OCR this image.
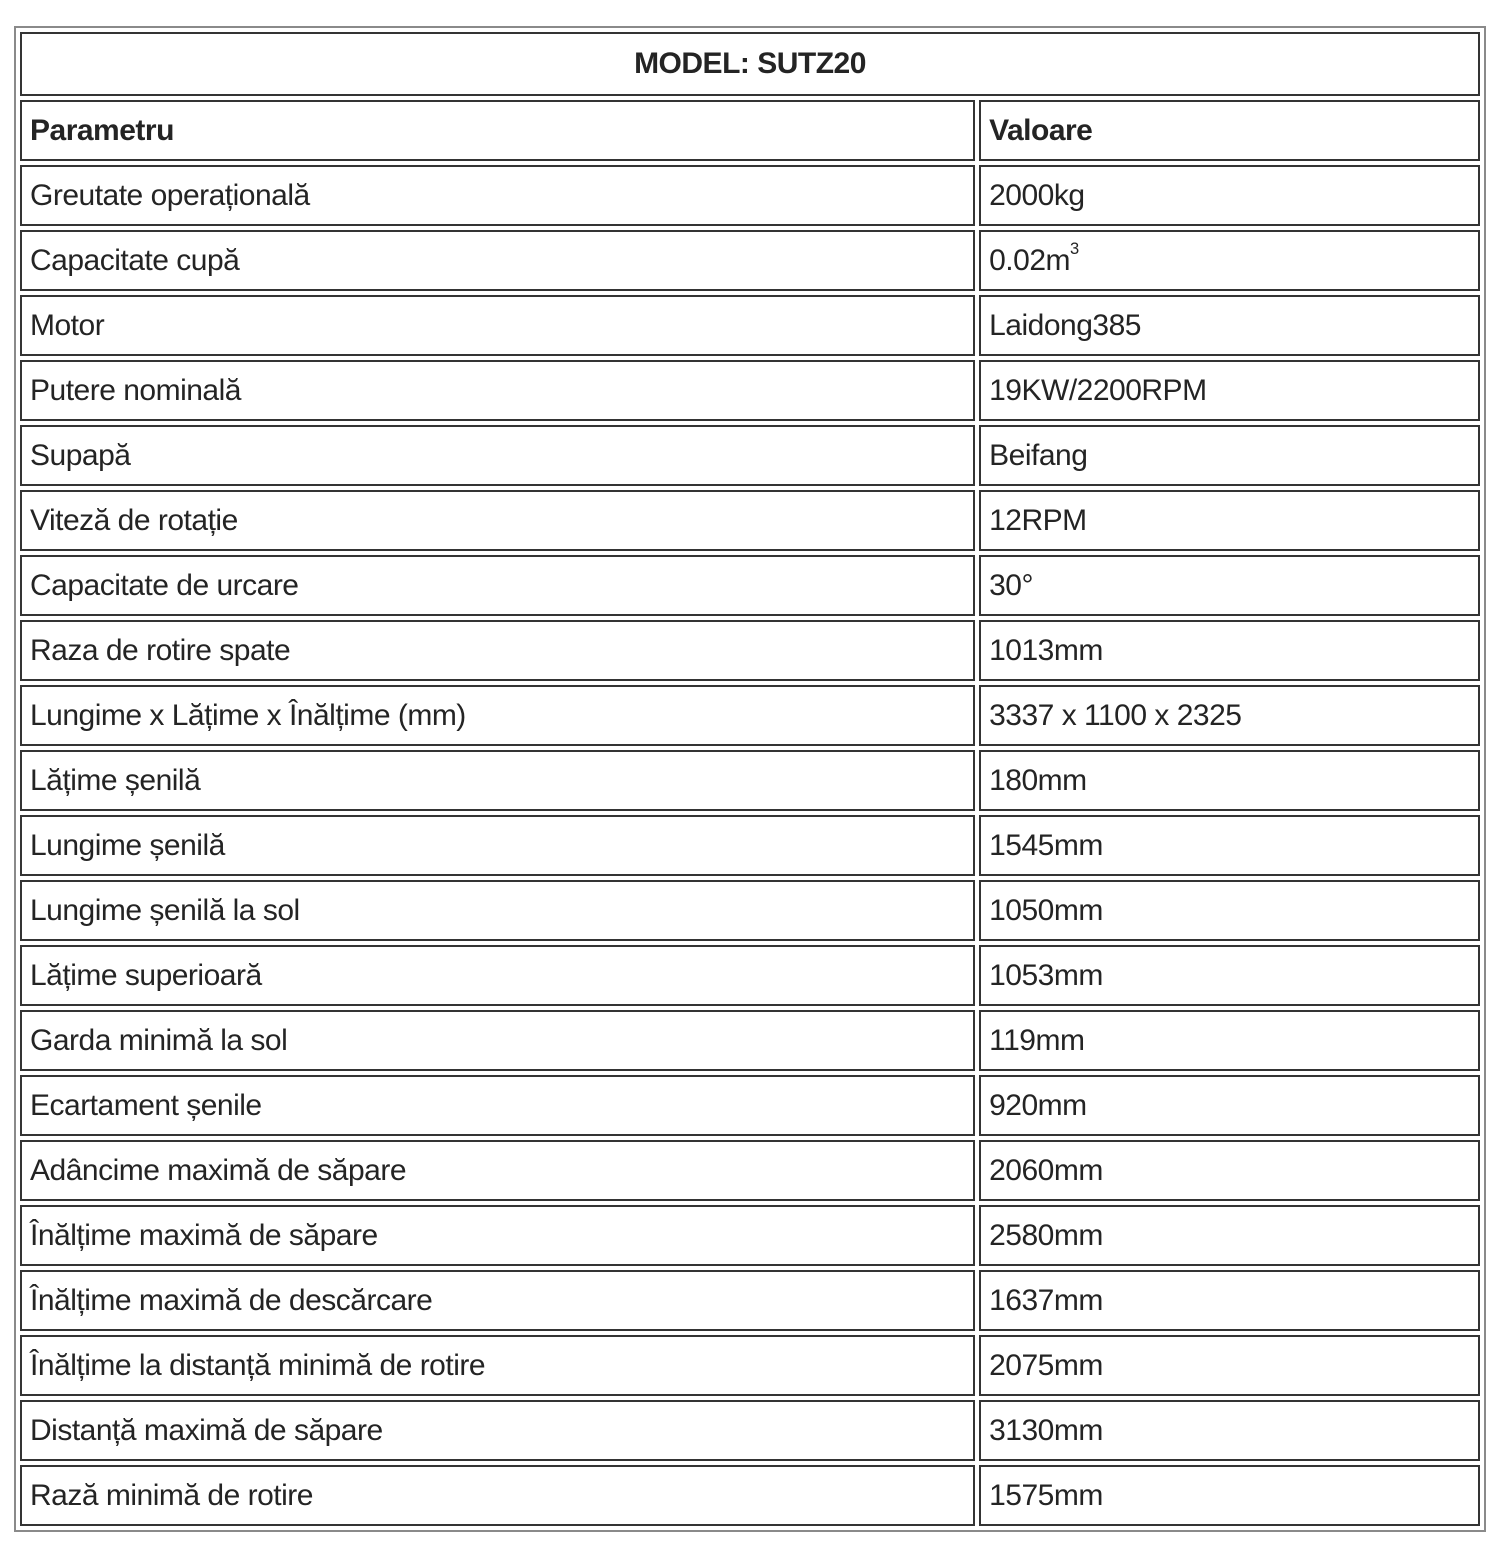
MODEL: SUTZ20	
Parametru	Valoare
Greutate operațională	2000kg
Capacitate cupă	$0.02m^3$
Motor	Laidong385
Putere nominală	19KW/2200RPM
Supapă	Beifang
Viteză de rotație	12RPM
Capacitate de urcare	30°
Raza de rotire spate	1013mm
Lungime x Lățime x Înălțime (mm)	3337 x 1100 x 2325
Lățime șenilă	180mm
Lungime șenilă	1545mm
Lungime șenilă la sol	1050mm
Lățime superioară	1053mm
Garda minimă la sol	119mm
Ecartament șenile	920mm
Adâncime maximă de săpare	2060mm
Înălțime maximă de săpare	2580mm
Înălțime maximă de descărcare	1637mm
Înălțime la distanță minimă de rotire	2075mm
Distanță maximă de săpare	3130mm
Rază minimă de rotire	1575mm
